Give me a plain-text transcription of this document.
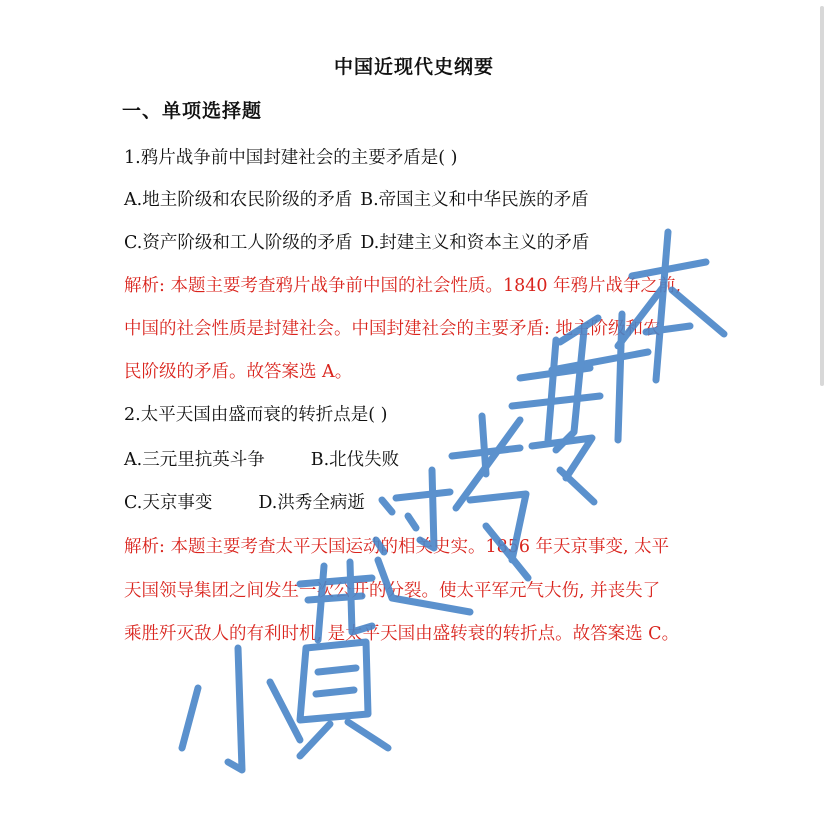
中国近现代史纲要
一、单项选择题
1.鸦片战争前中国封建社会的主要矛盾是( )
A.地主阶级和农民阶级的矛盾 B.帝国主义和中华民族的矛盾
C.资产阶级和工人阶级的矛盾 D.封建主义和资本主义的矛盾
解析: 本题主要考查鸦片战争前中国的社会性质。1840 年鸦片战争之前,
中国的社会性质是封建社会。中国封建社会的主要矛盾: 地主阶级和农
民阶级的矛盾。故答案选 A。
2.太平天国由盛而衰的转折点是( )
A.三元里抗英斗争	B.北伐失败
C.天京事变	D.洪秀全病逝
解析: 本题主要考查太平天国运动的相关史实。1856 年天京事变, 太平
天国领导集团之间发生一次公开的分裂。使太平军元气大伤, 并丧失了
乘胜歼灭敌人的有利时机, 是太平天国由盛转衰的转折点。故答案选 C。
